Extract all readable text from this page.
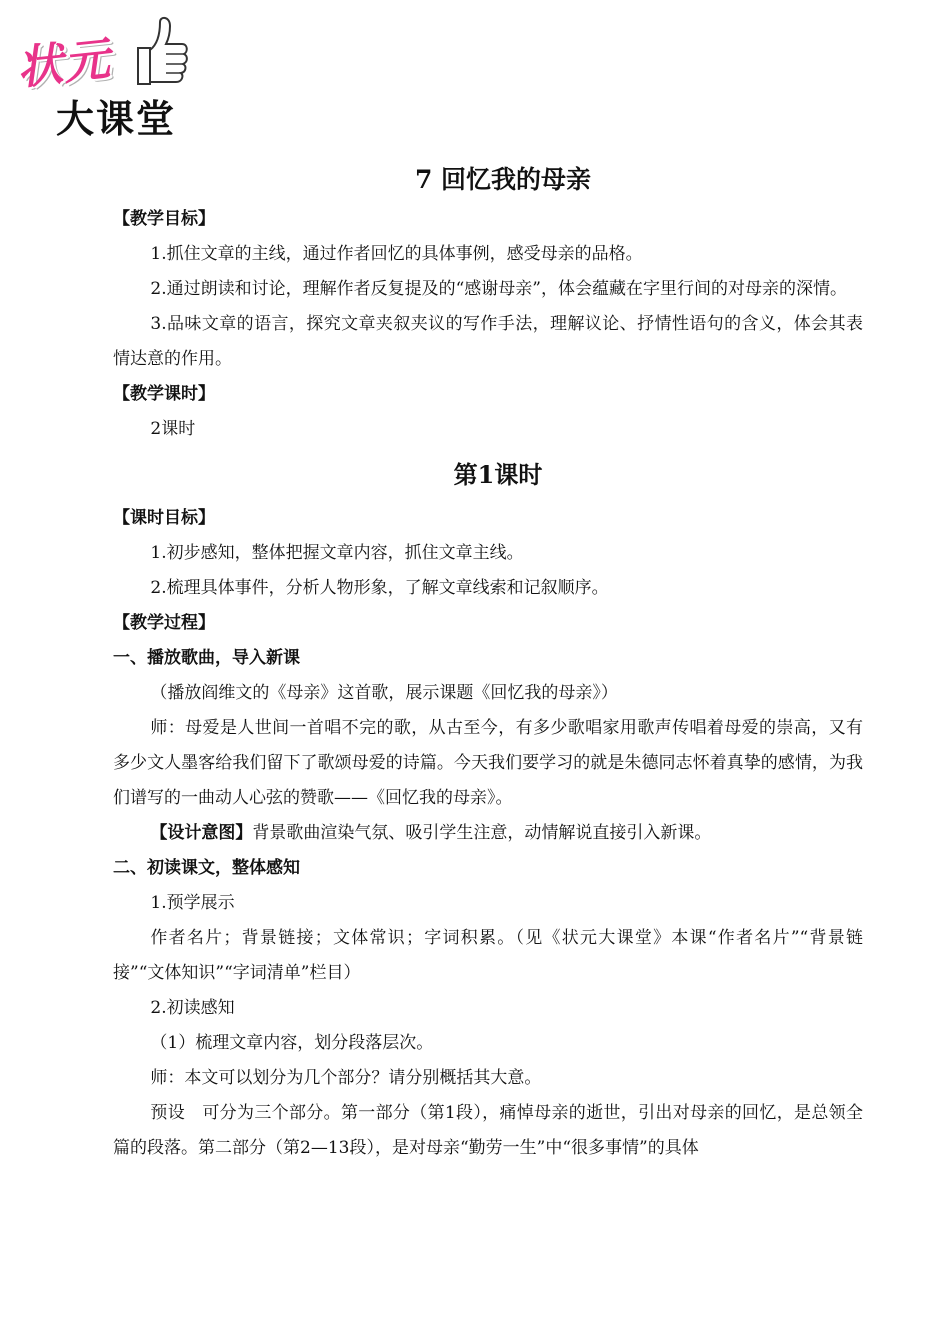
状元
大课堂
7 回忆我的母亲

【教学目标】

1.抓住文章的主线，通过作者回忆的具体事例，感受母亲的品格。

2.通过朗读和讨论，理解作者反复提及的“感谢母亲”，体会蕴藏在字里行间的对母亲的深情。

3.品味文章的语言，探究文章夹叙夹议的写作手法，理解议论、抒情性语句的含义，体会其表情达意的作用。

【教学课时】

2课时

第1课时

【课时目标】

1.初步感知，整体把握文章内容，抓住文章主线。

2.梳理具体事件，分析人物形象，了解文章线索和记叙顺序。

【教学过程】

一、播放歌曲，导入新课

（播放阎维文的《母亲》这首歌，展示课题《回忆我的母亲》）

师：母爱是人世间一首唱不完的歌，从古至今，有多少歌唱家用歌声传唱着母爱的崇高，又有多少文人墨客给我们留下了歌颂母爱的诗篇。今天我们要学习的就是朱德同志怀着真挚的感情，为我们谱写的一曲动人心弦的赞歌——《回忆我的母亲》。

【设计意图】背景歌曲渲染气氛、吸引学生注意，动情解说直接引入新课。

二、初读课文，整体感知

1.预学展示

作者名片；背景链接；文体常识；字词积累。（见《状元大课堂》本课“作者名片”“背景链接”“文体知识”“字词清单”栏目）

2.初读感知

（1）梳理文章内容，划分段落层次。

师：本文可以划分为几个部分？请分别概括其大意。

预设　可分为三个部分。第一部分（第1段），痛悼母亲的逝世，引出对母亲的回忆，是总领全篇的段落。第二部分（第2—13段），是对母亲“勤劳一生”中“很多事情”的具体
